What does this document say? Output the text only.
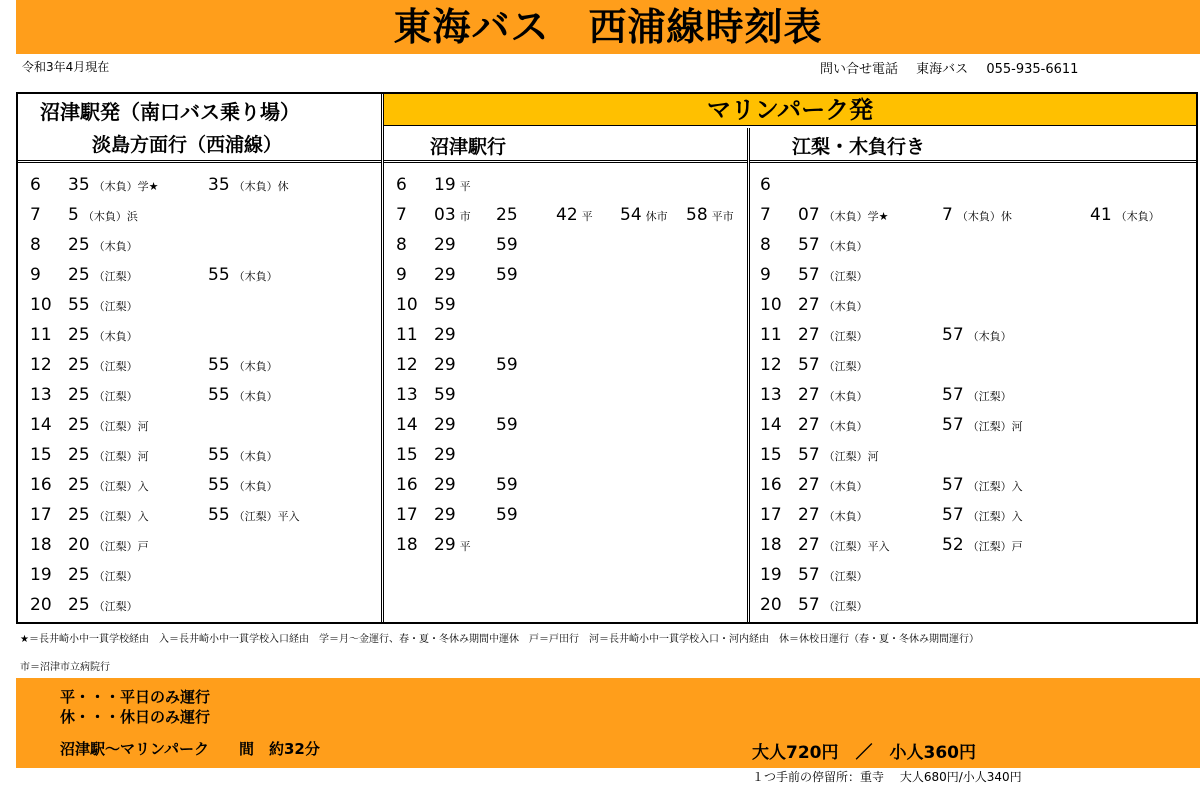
東海バス　西浦線時刻表
令和3年4月現在	問い合せ電話 東海バス 055-935-6611
マリンパーク発
沼津駅発（南口バス乗り場）
淡島方面行（西浦線）	沼津駅行	江梨・木負行き
6 35 （木負）学★	35 （木負）休
7 5 （木負）浜
8 25 （木負）
9 25 （江梨）	55 （木負）
10 55 （江梨）
11 25 （木負）
12 25 （江梨）	55 （木負）
13 25 （江梨）	55 （木負）
14 25 （江梨）河
15 25 （江梨）河	55 （木負）
16 25 （江梨）入	55 （木負）
17 25 （江梨）入	55 （江梨）平入
18 20 （江梨）戸
19 25 （江梨）
20 25 （江梨）
6 19 平
7 03 市 25 42 平 54 休市 58 平市
8 29 59
9 29 59
10 59
11 29
12 29 59
13 59
14 29 59
15 29
16 29 59
17 29 59
18 29 平
6
7 07 （木負）学★	7 （木負）休	41 （木負）
8 57 （木負）
9 57 （江梨）
10 27 （木負）
11 27 （江梨）	57 （木負）
12 57 （江梨）
13 27 （木負）	57 （江梨）
14 27 （木負）	57 （江梨）河
15 57 （江梨）河
16 27 （木負）	57 （江梨）入
17 27 （木負）	57 （江梨）入
18 27 （江梨）平入	52 （江梨）戸
19 57 （江梨）
20 57 （江梨）
★＝長井崎小中一貫学校経由　入＝長井崎小中一貫学校入口経由　学＝月～金運行、春・夏・冬休み期間中運休　戸＝戸田行　河＝長井崎小中一貫学校入口・河内経由　休＝休校日運行（春・夏・冬休み期間運行）
市＝沼津市立病院行
平・・・平日のみ運行
休・・・休日のみ運行
沼津駅～マリンパーク　　間　約32分	大人720円　／　小人360円
１つ手前の停留所：重寺　 大人680円/小人340円
